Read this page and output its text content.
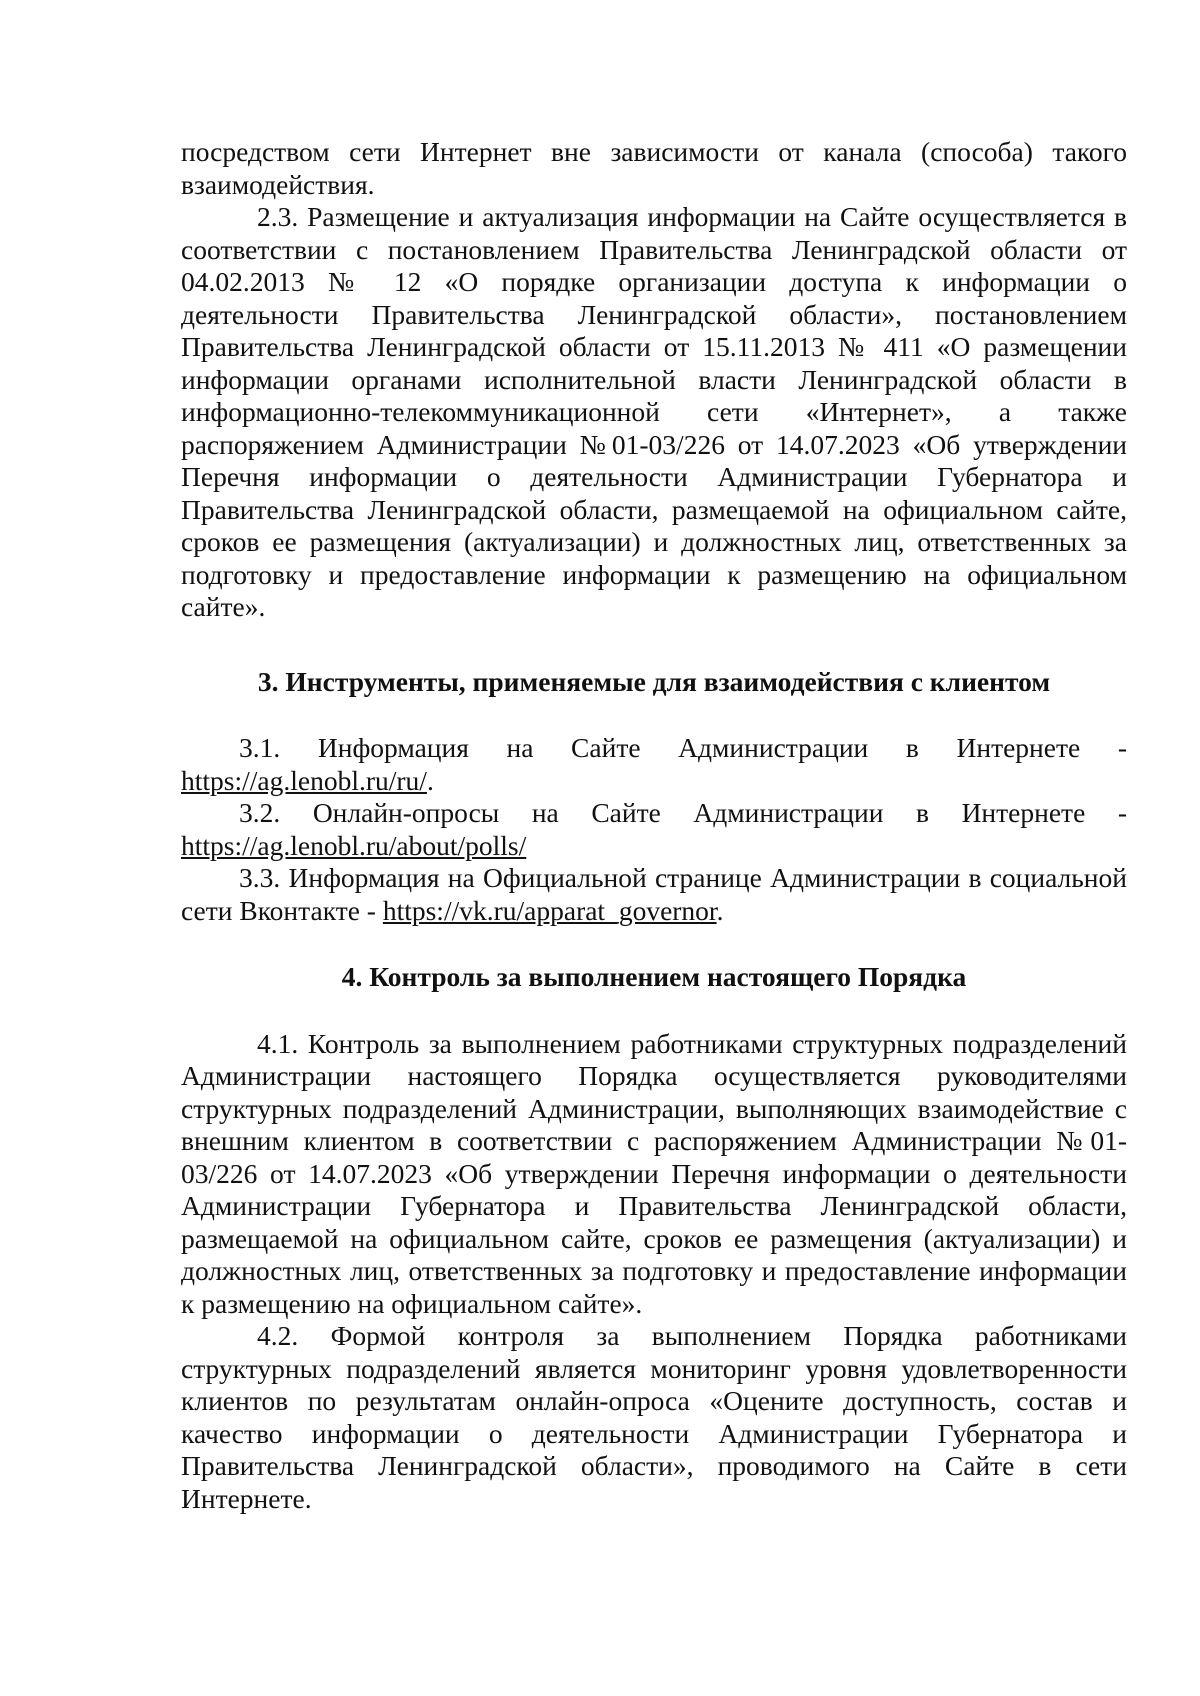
посредством сети Интернет вне зависимости от канала (способа) такого взаимодействия.

2.3. Размещение и актуализация информации на Сайте осуществляется в соответствии с постановлением Правительства Ленинградской области от 04.02.2013 № 12 «О порядке организации доступа к информации о деятельности Правительства Ленинградской области», постановлением Правительства Ленинградской области от 15.11.2013 № 411 «О размещении информации органами исполнительной власти Ленинградской области в информационно-телекоммуникационной сети «Интернет», а также распоряжением Администрации №01-03/226 от 14.07.2023 «Об утверждении Перечня информации о деятельности Администрации Губернатора и Правительства Ленинградской области, размещаемой на официальном сайте, сроков ее размещения (актуализации) и должностных лиц, ответственных за подготовку и предоставление информации к размещению на официальном сайте».

3. Инструменты, применяемые для взаимодействия с клиентом

3.1. Информация на Сайте Администрации в Интернете - https://ag.lenobl.ru/ru/.

3.2. Онлайн-опросы на Сайте Администрации в Интернете - https://ag.lenobl.ru/about/polls/

3.3. Информация на Официальной странице Администрации в социальной сети Вконтакте - https://vk.ru/apparat_governor.

4. Контроль за выполнением настоящего Порядка

4.1. Контроль за выполнением работниками структурных подразделений Администрации настоящего Порядка осуществляется руководителями структурных подразделений Администрации, выполняющих взаимодействие с внешним клиентом в соответствии с распоряжением Администрации №01-03/226 от 14.07.2023 «Об утверждении Перечня информации о деятельности Администрации Губернатора и Правительства Ленинградской области, размещаемой на официальном сайте, сроков ее размещения (актуализации) и должностных лиц, ответственных за подготовку и предоставление информации к размещению на официальном сайте».

4.2. Формой контроля за выполнением Порядка работниками структурных подразделений является мониторинг уровня удовлетворенности клиентов по результатам онлайн-опроса «Оцените доступность, состав и качество информации о деятельности Администрации Губернатора и Правительства Ленинградской области», проводимого на Сайте в сети Интернете.
